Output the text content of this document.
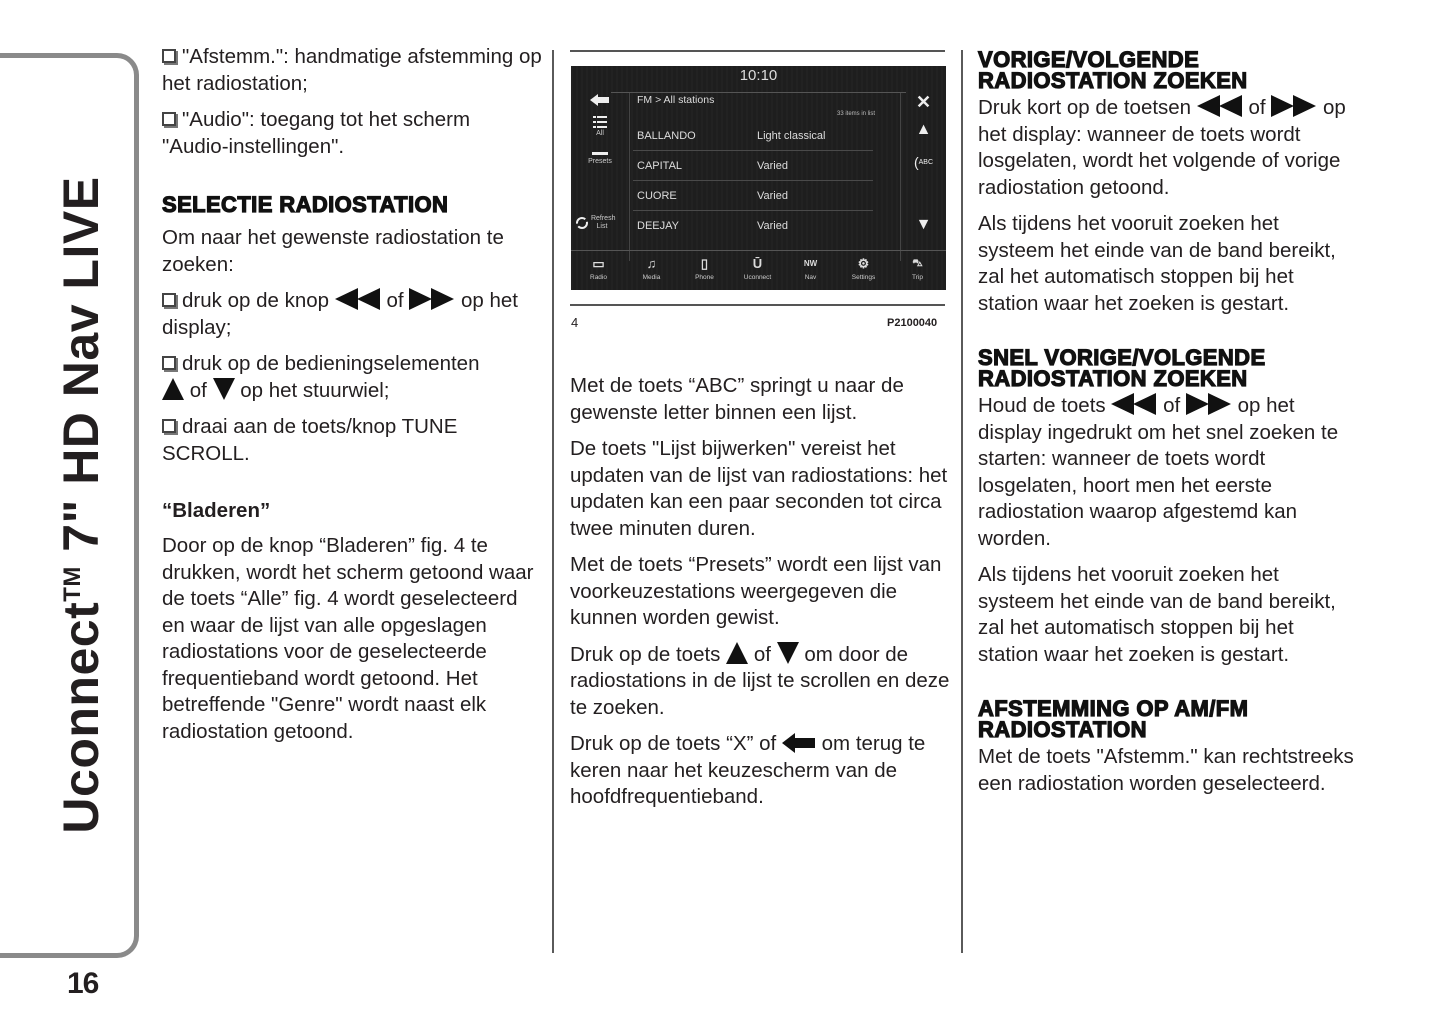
Uconnect™ 7" HD Nav LIVE
16
"Afstemm.": handmatige afstemming op het radiostation;
"Audio": toegang tot het scherm "Audio-instellingen".
SELECTIE RADIOSTATION

Om naar het gewenste radiostation te zoeken:

druk op de knop	of	op het display;
druk op de bedieningselementen
of op het stuurwiel;
draai aan de toets/knop TUNE SCROLL.
“Bladeren”

Door op de knop “Bladeren” fig. 4 te drukken, wordt het scherm getoond waar de toets “Alle” fig. 4 wordt geselecteerd en waar de lijst van alle opgeslagen radiostations voor de geselecteerde frequentieband wordt getoond. Het betreffende "Genre" wordt naast elk radiostation getoond.

10:10
FM > All stations
33 items in list
All
Presets
Refresh List
BALLANDO	Light classical
CAPITAL	Varied
CUORE	Varied
DEEJAY	Varied
✕
▲
(ABC
▼
▭
Radio
♫
Media
▯
Phone
Ū
Uconnect
NW
Nav
⚙
Settings
⛍
Trip
4	P2100040

Met de toets “ABC” springt u naar de gewenste letter binnen een lijst.

De toets "Lijst bijwerken" vereist het updaten van de lijst van radiostations: het updaten kan een paar seconden tot circa twee minuten duren.

Met de toets “Presets” wordt een lijst van voorkeuzestations weergegeven die kunnen worden gewist.

Druk op de toets of om door de radiostations in de lijst te scrollen en deze te zoeken.

Druk op de toets “X” of om terug te keren naar het keuzescherm van de hoofdfrequentieband.

VORIGE/VOLGENDE RADIOSTATION ZOEKEN

Druk kort op de toetsen	of	op het display: wanneer de toets wordt losgelaten, wordt het volgende of vorige radiostation getoond.

Als tijdens het vooruit zoeken het systeem het einde van de band bereikt, zal het automatisch stoppen bij het station waar het zoeken is gestart.

SNEL VORIGE/VOLGENDE RADIOSTATION ZOEKEN

Houd de toets	of	op het display ingedrukt om het snel zoeken te starten: wanneer de toets wordt losgelaten, hoort men het eerste radiostation waarop afgestemd kan worden.

Als tijdens het vooruit zoeken het systeem het einde van de band bereikt, zal het automatisch stoppen bij het station waar het zoeken is gestart.

AFSTEMMING OP AM/FM RADIOSTATION

Met de toets "Afstemm." kan rechtstreeks een radiostation worden geselecteerd.
